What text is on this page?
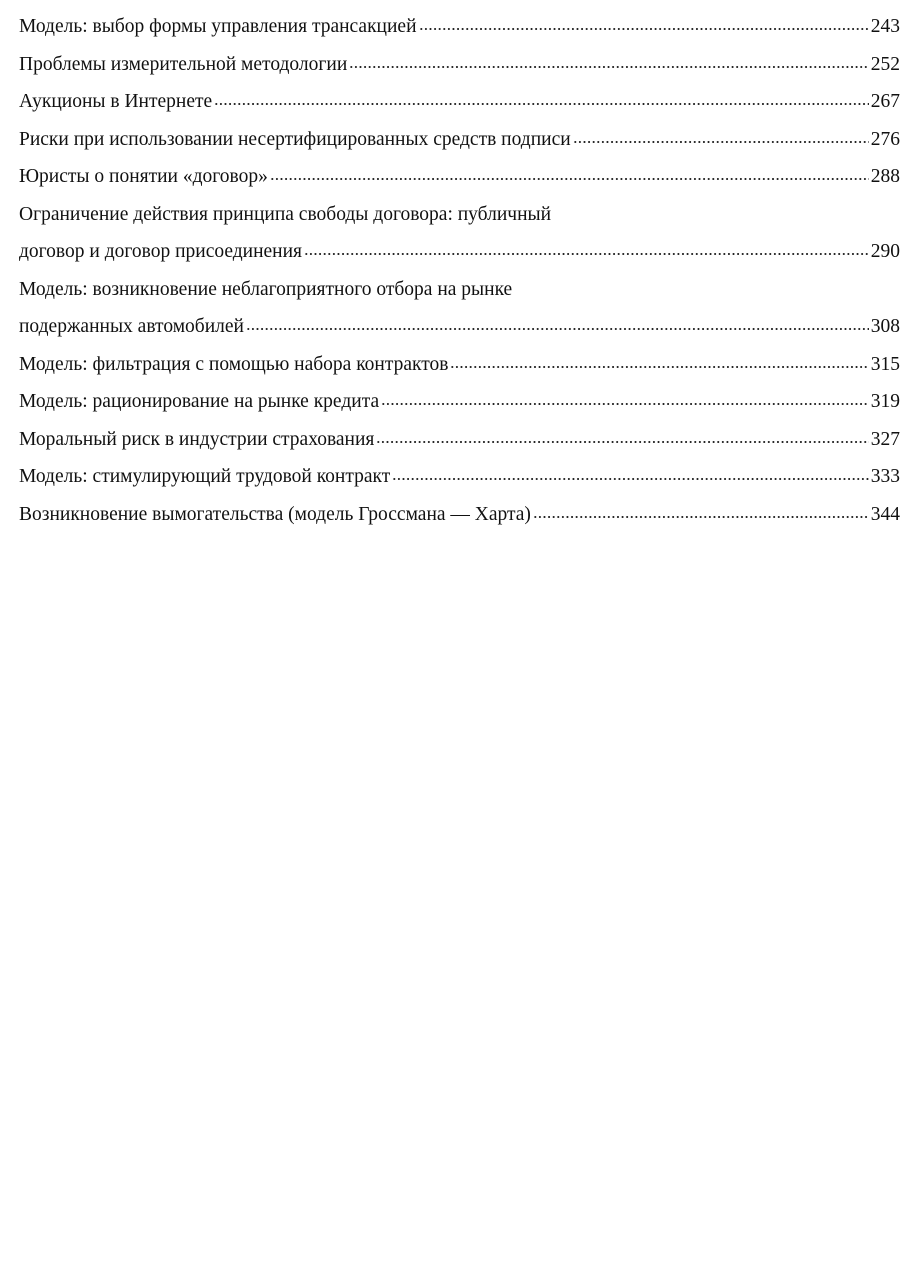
Модель: выбор формы управления трансакцией	243
Проблемы измерительной методологии	252
Аукционы в Интернете	267
Риски при использовании несертифицированных средств подписи	276
Юристы о понятии «договор»	288
Ограничение действия принципа свободы договора: публичный
договор и договор присоединения	290
Модель: возникновение неблагоприятного отбора на рынке
подержанных автомобилей	308
Модель: фильтрация с помощью набора контрактов	315
Модель: рационирование на рынке кредита	319
Моральный риск в индустрии страхования	327
Модель: стимулирующий трудовой контракт	333
Возникновение вымогательства (модель Гроссмана — Харта)	344
